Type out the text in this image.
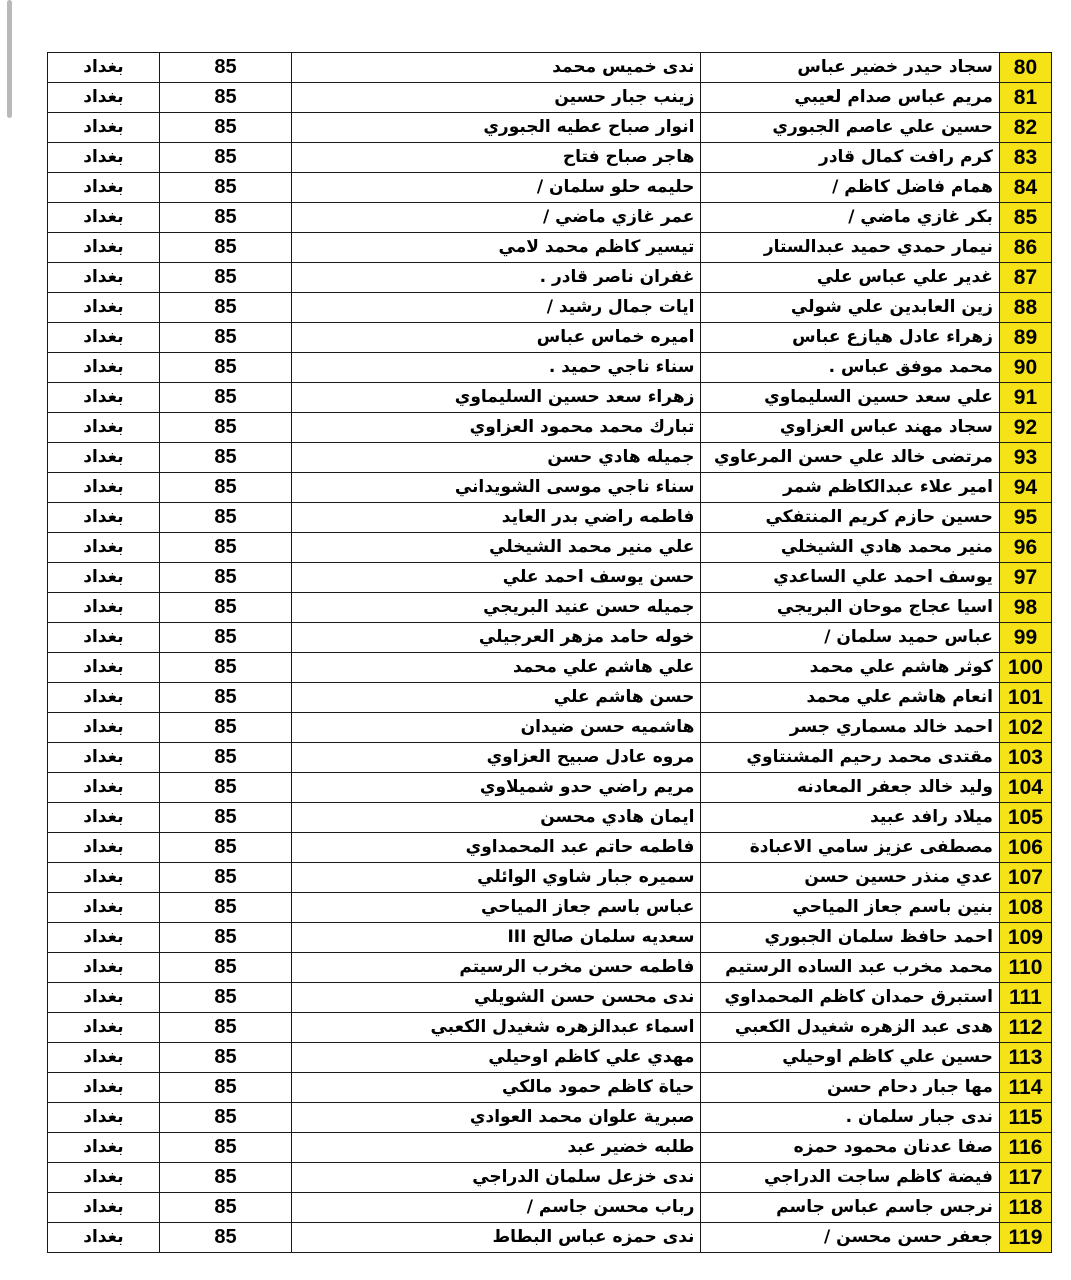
80	سجاد حيدر خضير عباس	ندى خميس محمد	85	بغداد
81	مريم عباس صدام لعيبي	زينب جبار حسين	85	بغداد
82	حسين علي عاصم الجبوري	انوار صباح عطيه الجبوري	85	بغداد
83	كرم رافت كمال قادر	هاجر صباح فتاح	85	بغداد
84	همام فاضل كاظم /	حليمه حلو سلمان /	85	بغداد
85	بكر غازي ماضي /	عمر غازي ماضي /	85	بغداد
86	نيمار حمدي حميد عبدالستار	تيسير كاظم محمد لامي	85	بغداد
87	غدير علي عباس علي	غفران ناصر قادر .	85	بغداد
88	زين العابدين علي شولي	ايات جمال رشيد /	85	بغداد
89	زهراء عادل هيازع عباس	اميره خماس عباس	85	بغداد
90	محمد موفق عباس .	سناء ناجي حميد .	85	بغداد
91	علي سعد حسين السليماوي	زهراء سعد حسين السليماوي	85	بغداد
92	سجاد مهند عباس العزاوي	تبارك محمد محمود العزاوي	85	بغداد
93	مرتضى خالد علي حسن المرعاوي	جميله هادي حسن	85	بغداد
94	امير علاء عبدالكاظم شمر	سناء ناجي موسى الشويداني	85	بغداد
95	حسين حازم كريم المنتفكي	فاطمه راضي بدر العايد	85	بغداد
96	منير محمد هادي الشيخلي	علي منير محمد الشيخلي	85	بغداد
97	يوسف احمد علي الساعدي	حسن يوسف احمد علي	85	بغداد
98	اسيا عجاج موحان البريجي	جميله حسن عنيد البريجي	85	بغداد
99	عباس حميد سلمان /	خوله حامد مزهر العرجيلي	85	بغداد
100	كوثر هاشم علي محمد	علي هاشم علي محمد	85	بغداد
101	انعام هاشم علي محمد	حسن هاشم علي	85	بغداد
102	احمد خالد مسماري جسر	هاشميه حسن ضيدان	85	بغداد
103	مقتدى محمد رحيم المشنتاوي	مروه عادل صبيح العزاوي	85	بغداد
104	وليد خالد جعفر المعادنه	مريم راضي حدو شميلاوي	85	بغداد
105	ميلاد رافد عبيد	ايمان هادي محسن	85	بغداد
106	مصطفى عزيز سامي الاعبادة	فاطمه حاتم عبد المحمداوي	85	بغداد
107	عدي منذر حسين حسن	سميره جبار شاوي الوائلي	85	بغداد
108	بنين باسم جعاز المياحي	عباس باسم جعاز المياحي	85	بغداد
109	احمد حافظ سلمان الجبوري	سعديه سلمان صالح III	85	بغداد
110	محمد مخرب عبد الساده الرستيم	فاطمه حسن مخرب الرسيتم	85	بغداد
111	استبرق حمدان كاظم المحمداوي	ندى محسن حسن الشويلي	85	بغداد
112	هدى عبد الزهره شغيدل الكعبي	اسماء عبدالزهره شغيدل الكعبي	85	بغداد
113	حسين علي كاظم اوحيلي	مهدي علي كاظم اوحيلي	85	بغداد
114	مها جبار دحام حسن	حياة كاظم حمود مالكي	85	بغداد
115	ندى جبار سلمان .	صبرية علوان محمد العوادي	85	بغداد
116	صفا عدنان محمود حمزه	طلبه خضير عبد	85	بغداد
117	فيضة كاظم ساجت الدراجي	ندى خزعل سلمان الدراجي	85	بغداد
118	نرجس جاسم عباس جاسم	رباب محسن جاسم /	85	بغداد
119	جعفر حسن محسن /	ندى حمزه عباس البطاط	85	بغداد
